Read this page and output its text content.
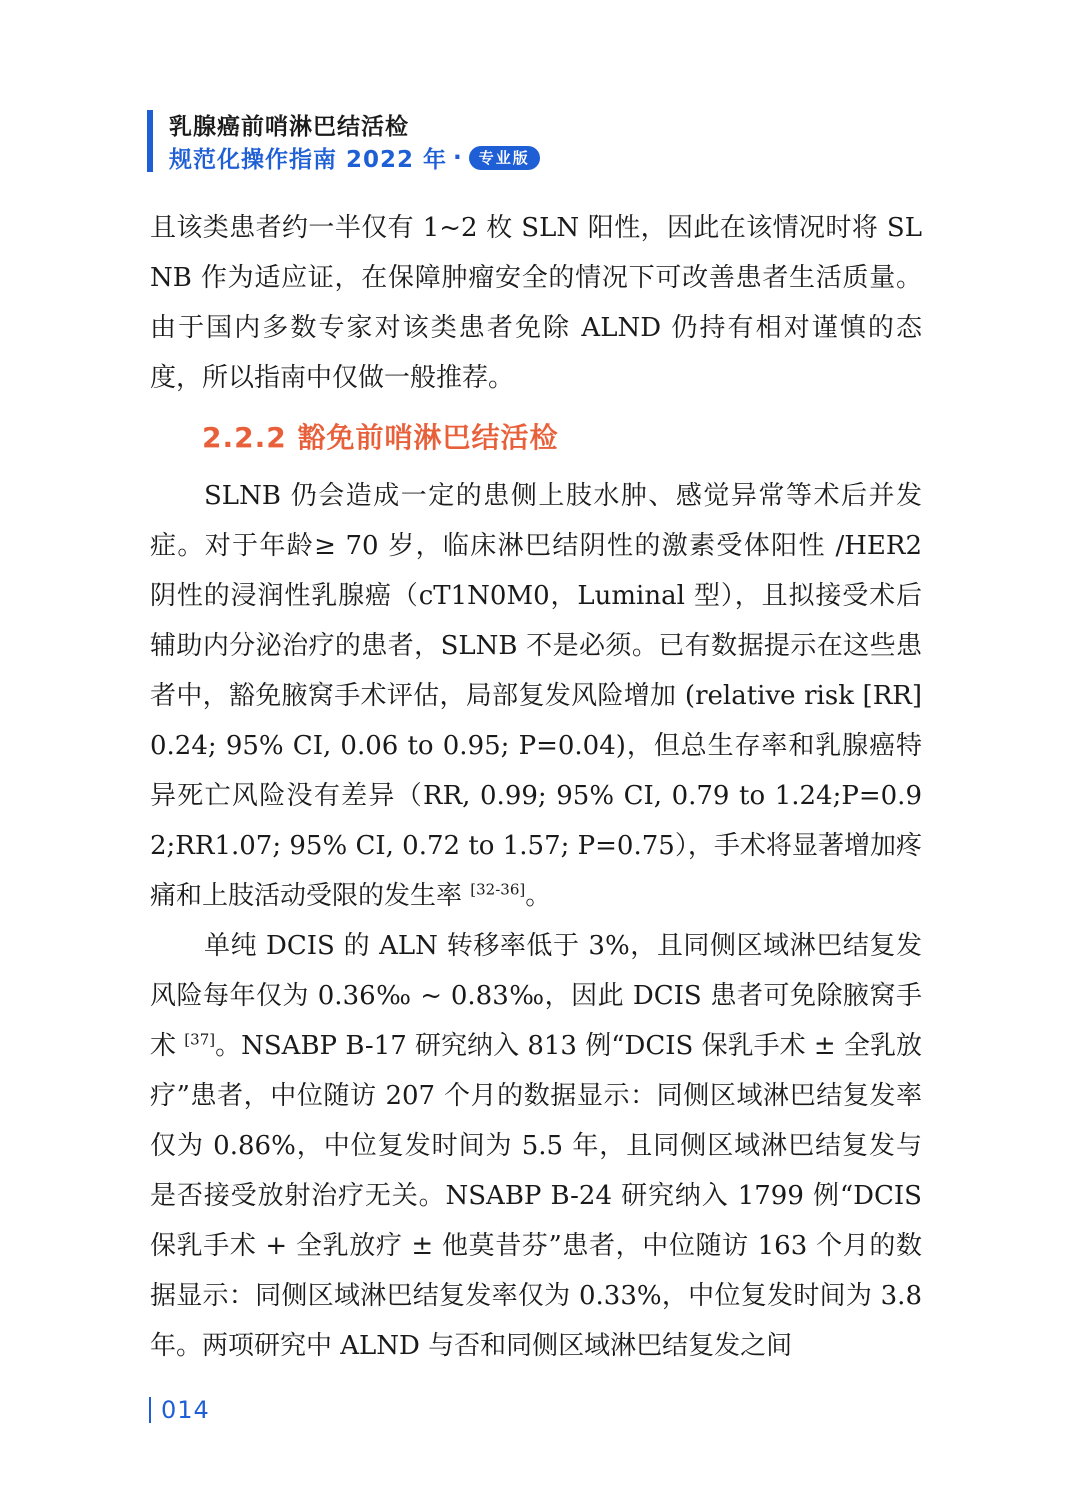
乳腺癌前哨淋巴结活检
规范化操作指南 2022 年 ·	专业版

且该类患者约一半仅有 1~2 枚 SLN 阳性，因此在该情况时将 SLNB 作为适应证，在保障肿瘤安全的情况下可改善患者生活质量。由于国内多数专家对该类患者免除 ALND 仍持有相对谨慎的态度，所以指南中仅做一般推荐。

2.2.2 豁免前哨淋巴结活检

SLNB 仍会造成一定的患侧上肢水肿、感觉异常等术后并发症。对于年龄≥ 70 岁，临床淋巴结阴性的激素受体阳性 /HER2 阴性的浸润性乳腺癌（cT1N0M0，Luminal 型），且拟接受术后辅助内分泌治疗的患者，SLNB 不是必须。已有数据提示在这些患者中，豁免腋窝手术评估，局部复发风险增加 (relative risk [RR] 0.24; 95% CI, 0.06 to 0.95; P=0.04)，但总生存率和乳腺癌特异死亡风险没有差异（RR, 0.99; 95% CI, 0.79 to 1.24;P=0.92;RR1.07; 95% CI, 0.72 to 1.57; P=0.75），手术将显著增加疼痛和上肢活动受限的发生率 [32-36]。

单纯 DCIS 的 ALN 转移率低于 3%，且同侧区域淋巴结复发风险每年仅为 0.36‰ ~ 0.83‰，因此 DCIS 患者可免除腋窝手术 [37]。NSABP B-17 研究纳入 813 例“DCIS 保乳手术 ± 全乳放疗”患者，中位随访 207 个月的数据显示：同侧区域淋巴结复发率仅为 0.86%，中位复发时间为 5.5 年，且同侧区域淋巴结复发与是否接受放射治疗无关。NSABP B-24 研究纳入 1799 例“DCIS 保乳手术 + 全乳放疗 ± 他莫昔芬”患者，中位随访 163 个月的数据显示：同侧区域淋巴结复发率仅为 0.33%，中位复发时间为 3.8 年。两项研究中 ALND 与否和同侧区域淋巴结复发之间

014
